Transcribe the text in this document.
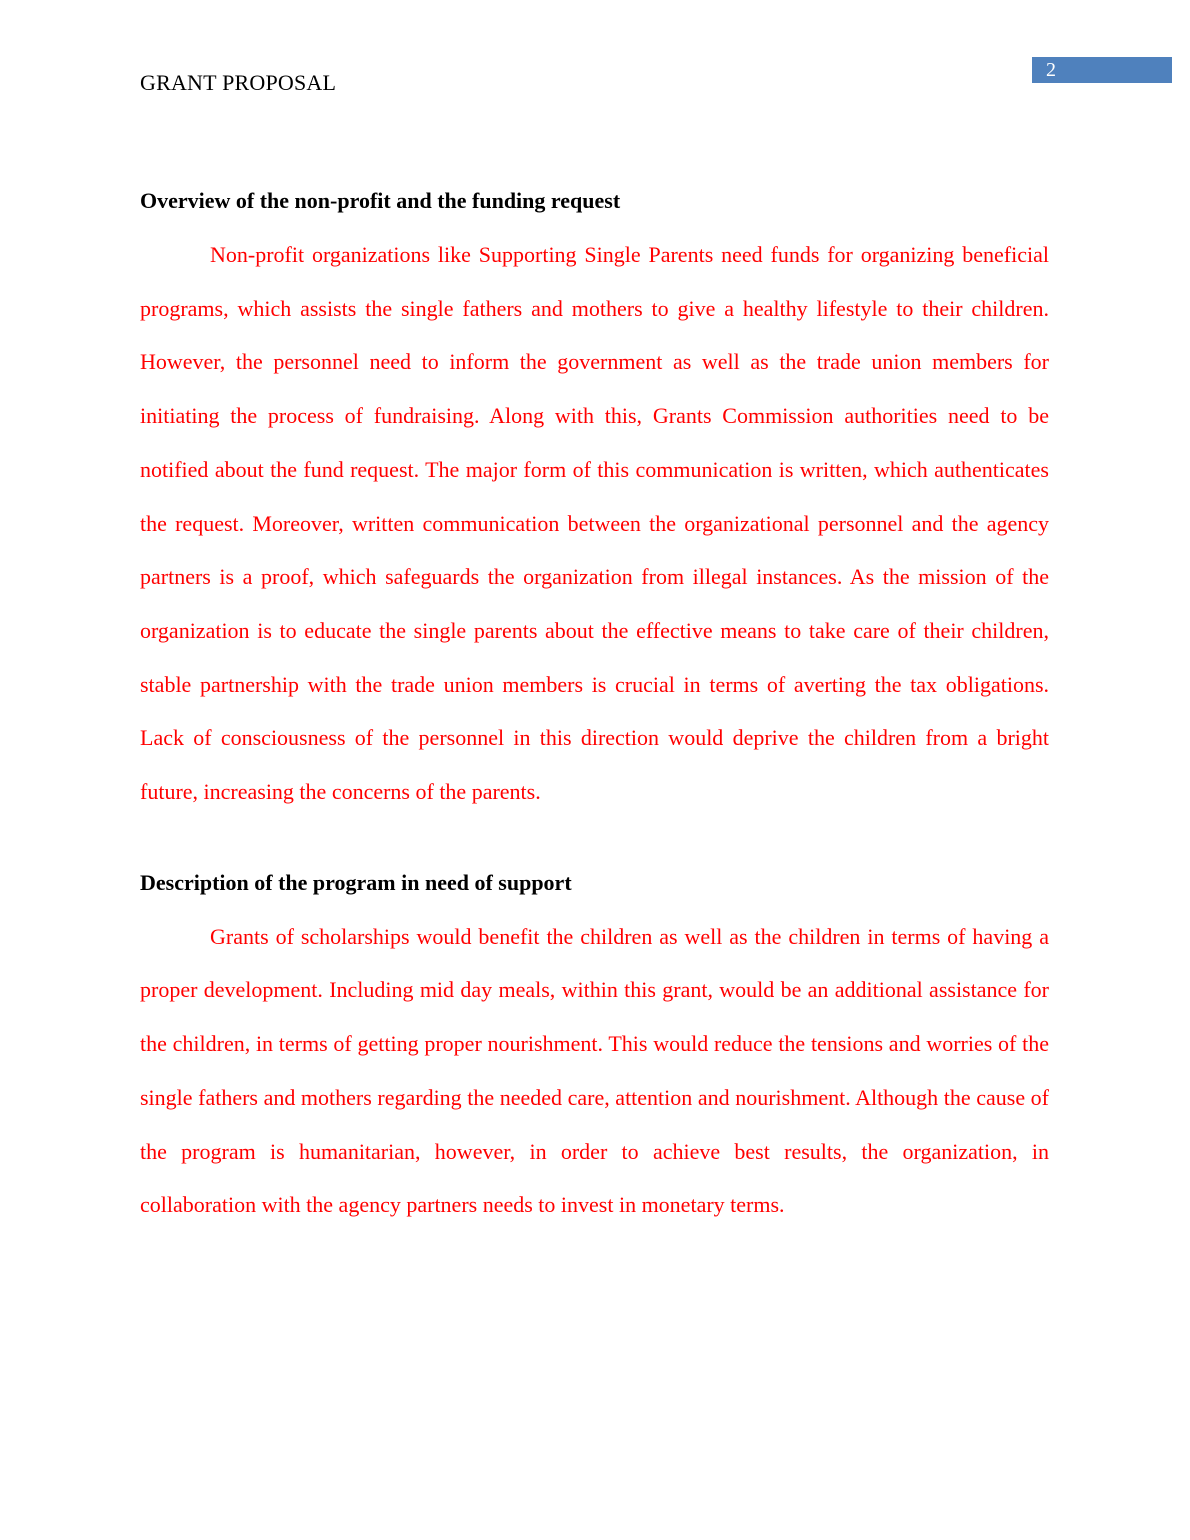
GRANT PROPOSAL	2
Overview of the non-profit and the funding request

Non-profit organizations like Supporting Single Parents need funds for organizing beneficial programs, which assists the single fathers and mothers to give a healthy lifestyle to their children. However, the personnel need to inform the government as well as the trade union members for initiating the process of fundraising. Along with this, Grants Commission authorities need to be notified about the fund request. The major form of this communication is written, which authenticates the request. Moreover, written communication between the organizational personnel and the agency partners is a proof, which safeguards the organization from illegal instances. As the mission of the organization is to educate the single parents about the effective means to take care of their children, stable partnership with the trade union members is crucial in terms of averting the tax obligations. Lack of consciousness of the personnel in this direction would deprive the children from a bright future, increasing the concerns of the parents.

Description of the program in need of support

Grants of scholarships would benefit the children as well as the children in terms of having a proper development. Including mid day meals, within this grant, would be an additional assistance for the children, in terms of getting proper nourishment. This would reduce the tensions and worries of the single fathers and mothers regarding the needed care, attention and nourishment. Although the cause of the program is humanitarian, however, in order to achieve best results, the organization, in collaboration with the agency partners needs to invest in monetary terms.
